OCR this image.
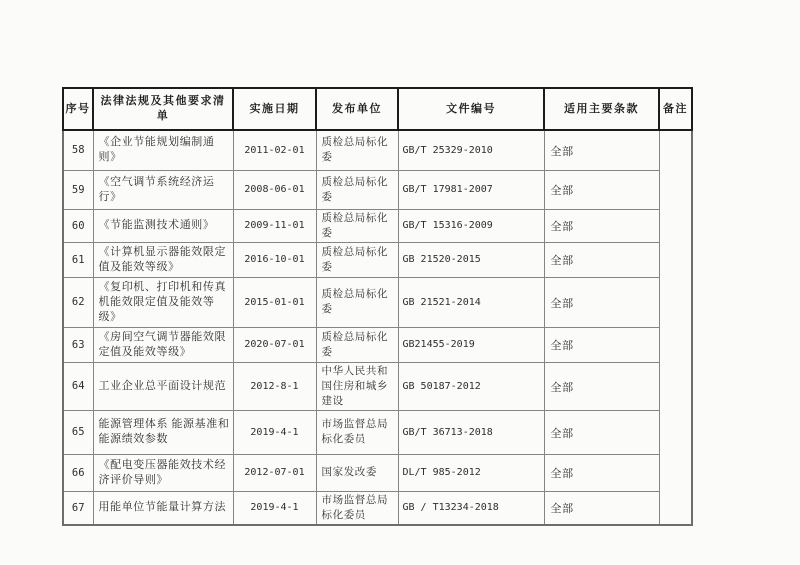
序号	法律法规及其他要求清单	实施日期	发布单位	文件编号	适用主要条款	备注
58	《企业节能规划编制通则》	2011-02-01	质检总局标化委	GB/T 25329-2010	全部	
59	《空气调节系统经济运行》	2008-06-01	质检总局标化委	GB/T 17981-2007	全部	
60	《节能监测技术通则》	2009-11-01	质检总局标化委	GB/T 15316-2009	全部	
61	《计算机显示器能效限定值及能效等级》	2016-10-01	质检总局标化委	GB 21520-2015	全部	
62	《复印机、打印机和传真机能效限定值及能效等级》	2015-01-01	质检总局标化委	GB 21521-2014	全部	
63	《房间空气调节器能效限定值及能效等级》	2020-07-01	质检总局标化委	GB21455-2019	全部	
64	工业企业总平面设计规范	2012-8-1	中华人民共和国住房和城乡建设	GB 50187-2012	全部	
65	能源管理体系 能源基准和能源绩效参数	2019-4-1	市场监督总局标化委员	GB/T 36713-2018	全部	
66	《配电变压器能效技术经济评价导则》	2012-07-01	国家发改委	DL/T 985-2012	全部	
67	用能单位节能量计算方法	2019-4-1	市场监督总局标化委员	GB / T13234-2018	全部	
